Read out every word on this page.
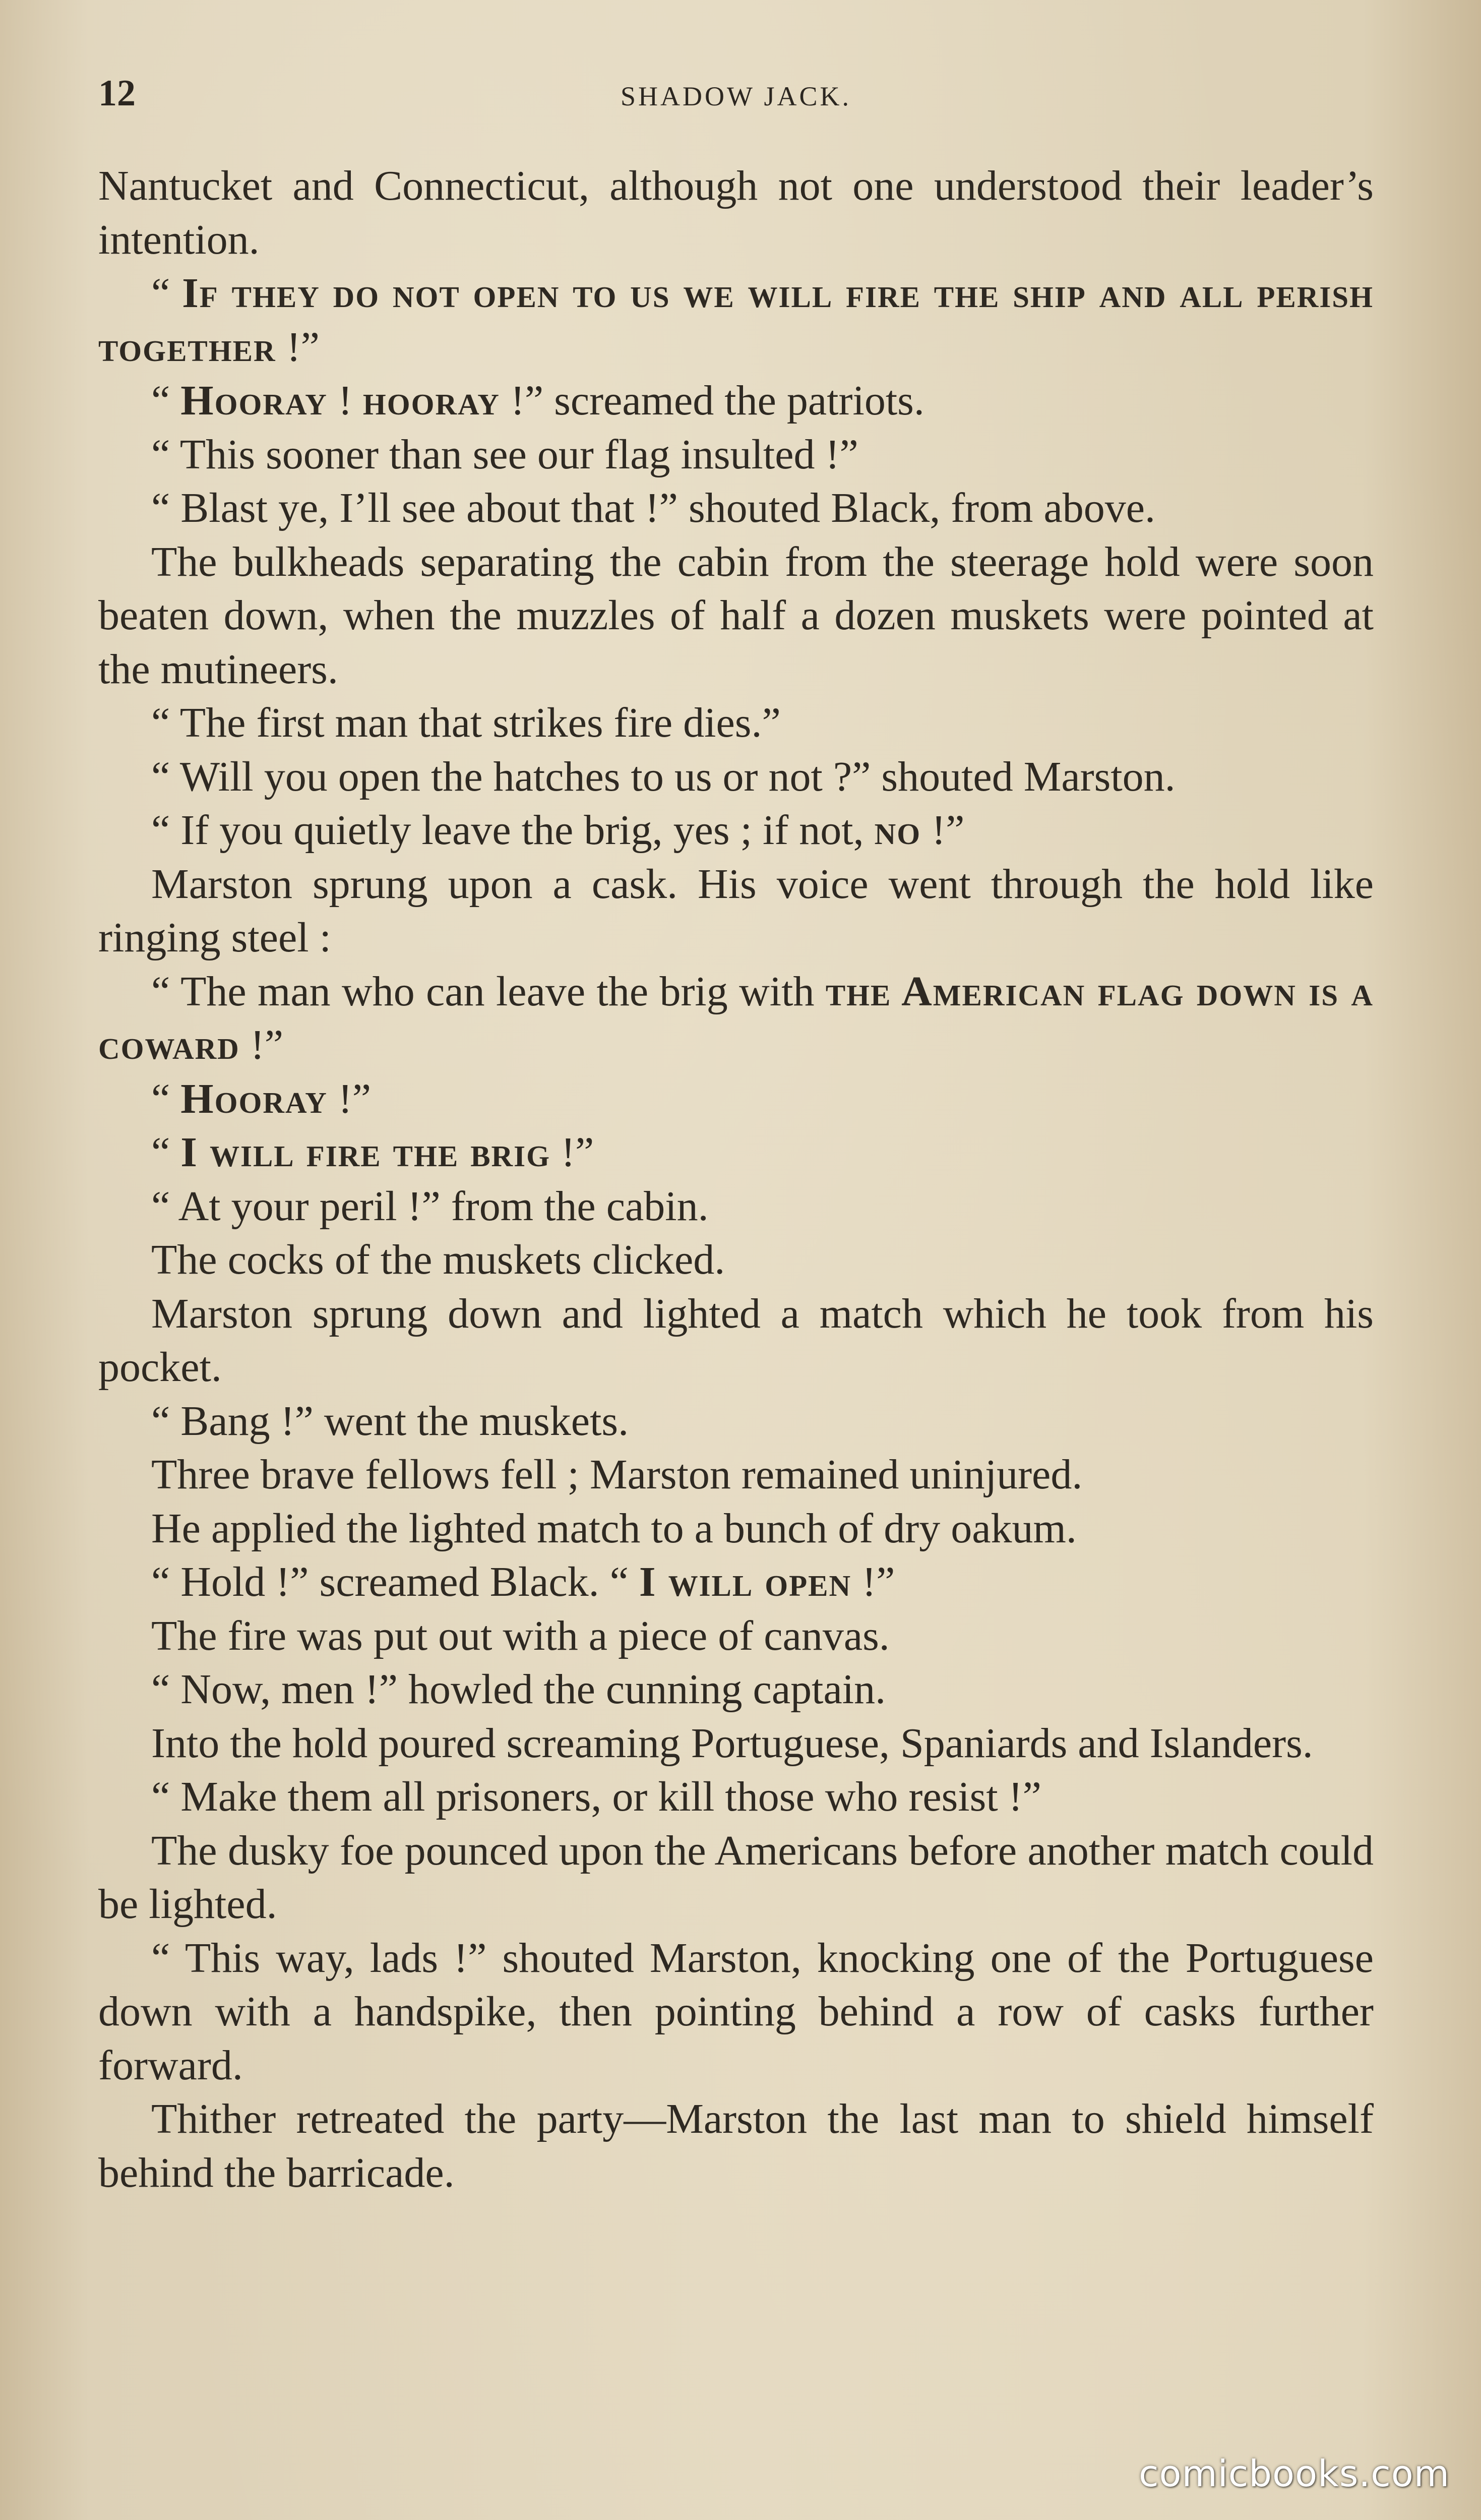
12	SHADOW JACK.

Nantucket and Connecticut, although not one understood their leader’s intention.

“ If they do not open to us we will fire the ship and all perish together !”

“ Hooray ! hooray !” screamed the patriots.

“ This sooner than see our flag insulted !”

“ Blast ye, I’ll see about that !” shouted Black, from above.

The bulkheads separating the cabin from the steerage hold were soon beaten down, when the muzzles of half a dozen muskets were pointed at the mutineers.

“ The first man that strikes fire dies.”

“ Will you open the hatches to us or not ?” shouted Marston.

“ If you quietly leave the brig, yes ; if not, no !”

Marston sprung upon a cask. His voice went through the hold like ringing steel :

“ The man who can leave the brig with the American flag down is a coward !”

“ Hooray !”

“ I will fire the brig !”

“ At your peril !” from the cabin.

The cocks of the muskets clicked.

Marston sprung down and lighted a match which he took from his pocket.

“ Bang !” went the muskets.

Three brave fellows fell ; Marston remained uninjured.

He applied the lighted match to a bunch of dry oakum.

“ Hold !” screamed Black. “ I will open !”

The fire was put out with a piece of canvas.

“ Now, men !” howled the cunning captain.

Into the hold poured screaming Portuguese, Spaniards and Islanders.

“ Make them all prisoners, or kill those who resist !”

The dusky foe pounced upon the Americans before another match could be lighted.

“ This way, lads !” shouted Marston, knocking one of the Portuguese down with a handspike, then pointing behind a row of casks further forward.

Thither retreated the party—Marston the last man to shield himself behind the barricade.

comicbooks.com
